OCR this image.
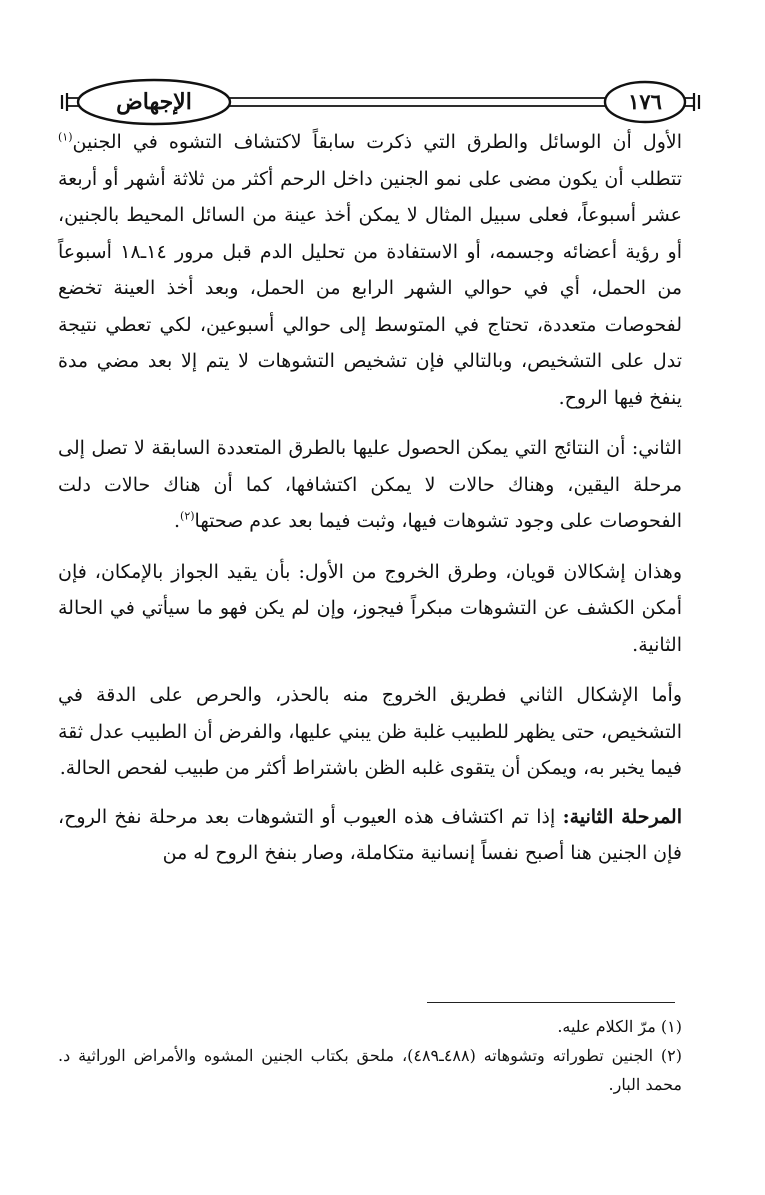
الإجهاض	١٧٦

الأول أن الوسائل والطرق التي ذكرت سابقاً لاكتشاف التشوه في الجنين$^{(١)}$ تتطلب أن يكون مضى على نمو الجنين داخل الرحم أكثر من ثلاثة أشهر أو أربعة عشر أسبوعاً، فعلى سبيل المثال لا يمكن أخذ عينة من السائل المحيط بالجنين، أو رؤية أعضائه وجسمه، أو الاستفادة من تحليل الدم قبل مرور ١٤ـ١٨ أسبوعاً من الحمل، أي في حوالي الشهر الرابع من الحمل، وبعد أخذ العينة تخضع لفحوصات متعددة، تحتاج في المتوسط إلى حوالي أسبوعين، لكي تعطي نتيجة تدل على التشخيص، وبالتالي فإن تشخيص التشوهات لا يتم إلا بعد مضي مدة ينفخ فيها الروح.

الثاني: أن النتائج التي يمكن الحصول عليها بالطرق المتعددة السابقة لا تصل إلى مرحلة اليقين، وهناك حالات لا يمكن اكتشافها، كما أن هناك حالات دلت الفحوصات على وجود تشوهات فيها، وثبت فيما بعد عدم صحتها$^{(٢)}$.

وهذان إشكالان قويان، وطرق الخروج من الأول: بأن يقيد الجواز بالإمكان، فإن أمكن الكشف عن التشوهات مبكراً فيجوز، وإن لم يكن فهو ما سيأتي في الحالة الثانية.

وأما الإشكال الثاني فطريق الخروج منه بالحذر، والحرص على الدقة في التشخيص، حتى يظهر للطبيب غلبة ظن يبني عليها، والفرض أن الطبيب عدل ثقة فيما يخبر به، ويمكن أن يتقوى غلبه الظن باشتراط أكثر من طبيب لفحص الحالة.

المرحلة الثانية: إذا تم اكتشاف هذه العيوب أو التشوهات بعد مرحلة نفخ الروح، فإن الجنين هنا أصبح نفساً إنسانية متكاملة، وصار بنفخ الروح له من

(١) مرّ الكلام عليه.

(٢) الجنين تطوراته وتشوهاته (٤٨٨ـ٤٨٩)، ملحق بكتاب الجنين المشوه والأمراض الوراثية د. محمد البار.
